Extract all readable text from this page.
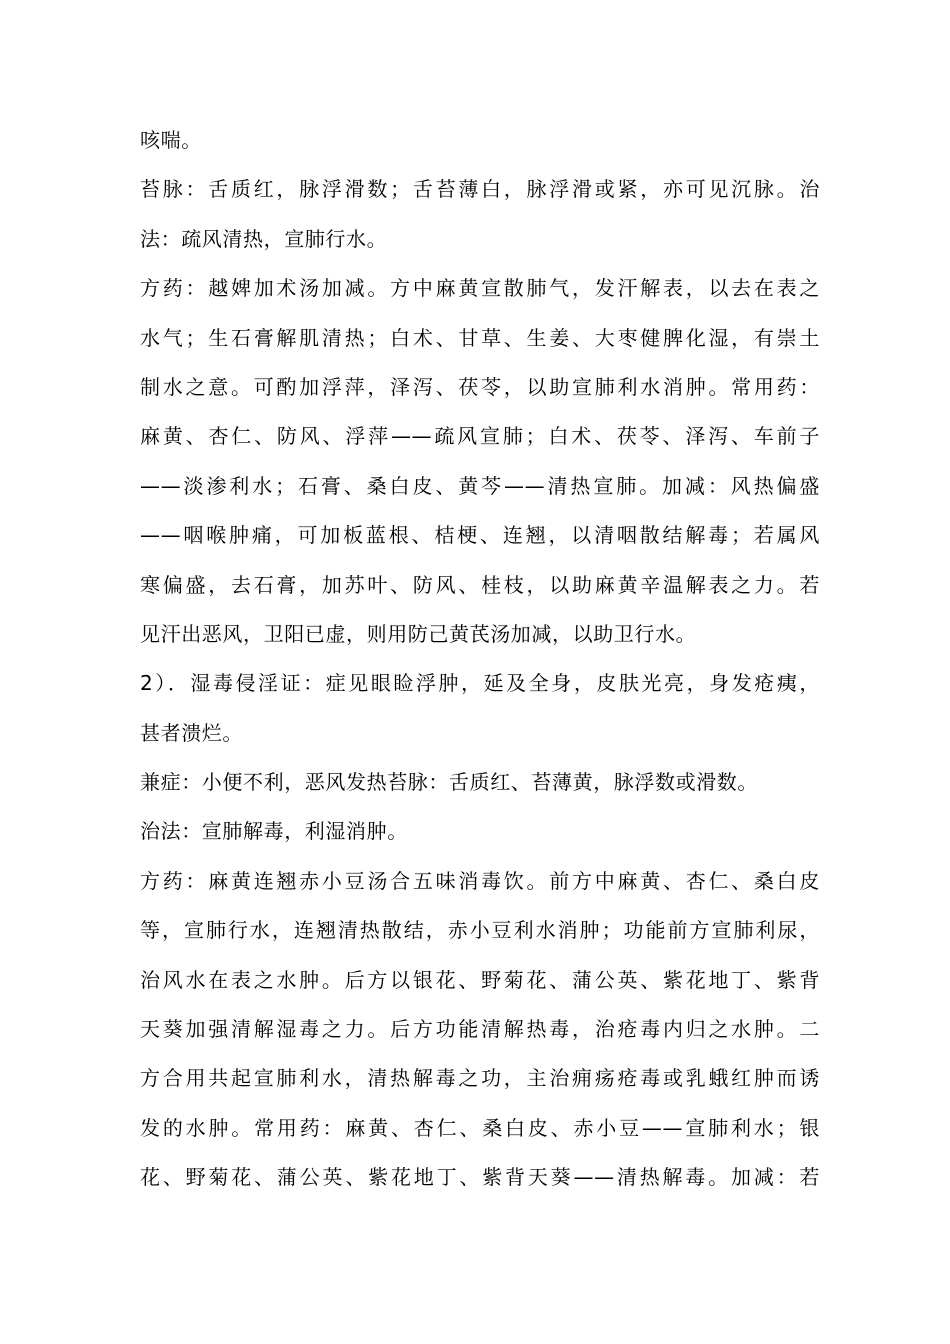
咳喘。
苔脉：舌质红，脉浮滑数；舌苔薄白，脉浮滑或紧，亦可见沉脉。治
法：疏风清热，宣肺行水。
方药：越婢加术汤加减。方中麻黄宣散肺气，发汗解表，以去在表之
水气；生石膏解肌清热；白术、甘草、生姜、大枣健脾化湿，有崇土
制水之意。可酌加浮萍，泽泻、茯苓，以助宣肺利水消肿。常用药：
麻黄、杏仁、防风、浮萍——疏风宣肺；白术、茯苓、泽泻、车前子
——淡渗利水；石膏、桑白皮、黄芩——清热宣肺。加减：风热偏盛
——咽喉肿痛，可加板蓝根、桔梗、连翘，以清咽散结解毒；若属风
寒偏盛，去石膏，加苏叶、防风、桂枝，以助麻黄辛温解表之力。若
见汗出恶风，卫阳已虚，则用防己黄芪汤加减，以助卫行水。
2）．湿毒侵淫证：症见眼睑浮肿，延及全身，皮肤光亮，身发疮痍，
甚者溃烂。
兼症：小便不利，恶风发热苔脉：舌质红、苔薄黄，脉浮数或滑数。
治法：宣肺解毒，利湿消肿。
方药：麻黄连翘赤小豆汤合五味消毒饮。前方中麻黄、杏仁、桑白皮
等，宣肺行水，连翘清热散结，赤小豆利水消肿；功能前方宣肺利尿，
治风水在表之水肿。后方以银花、野菊花、蒲公英、紫花地丁、紫背
天葵加强清解湿毒之力。后方功能清解热毒，治疮毒内归之水肿。二
方合用共起宣肺利水，清热解毒之功，主治痈疡疮毒或乳蛾红肿而诱
发的水肿。常用药：麻黄、杏仁、桑白皮、赤小豆——宣肺利水；银
花、野菊花、蒲公英、紫花地丁、紫背天葵——清热解毒。加减：若
